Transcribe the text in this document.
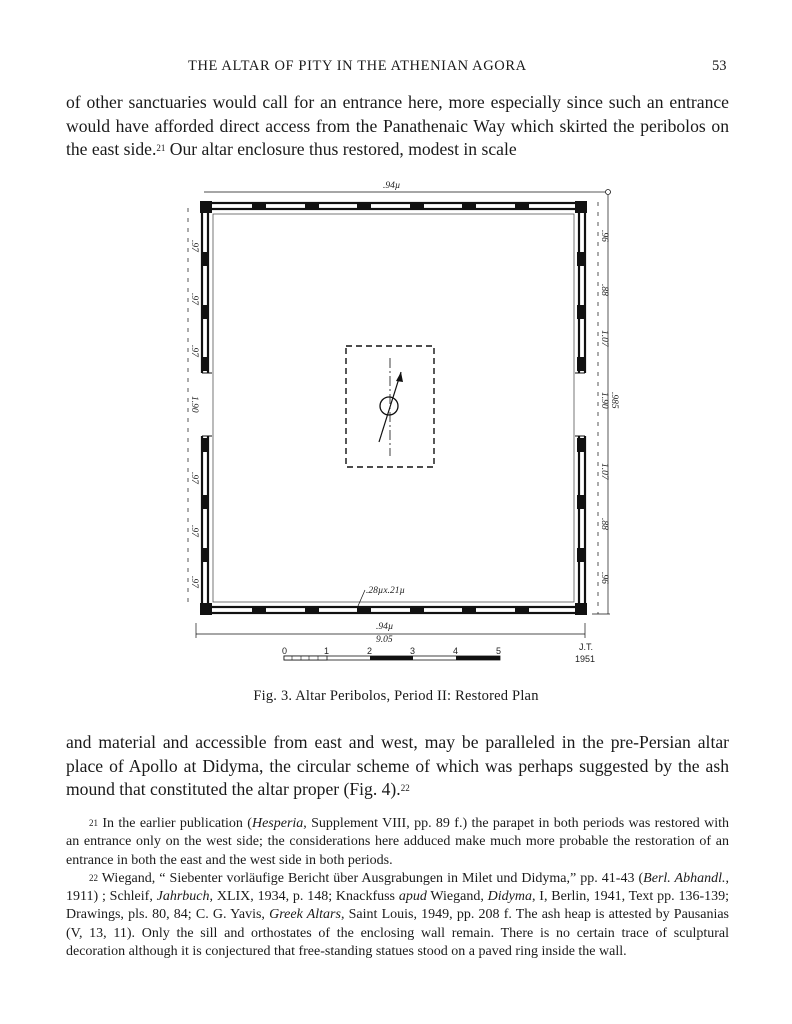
THE ALTAR OF PITY IN THE ATHENIAN AGORA	53

of other sanctuaries would call for an entrance here, more especially since such an entrance would have afforded direct access from the Panathenaic Way which skirted the peribolos on the east side.$^{21}$ Our altar enclosure thus restored, modest in scale

.94µ
.97
.97
.97
1.90
.97
.97
.97
.96
.88
1.07
1.90 .985
1.07
.88
.96
.28µx.21µ
.94µ
9.05
0	1	2	3	4	5	J.T.
1951
Fig. 3. Altar Peribolos, Period II: Restored Plan

and material and accessible from east and west, may be paralleled in the pre-Persian altar place of Apollo at Didyma, the circular scheme of which was perhaps suggested by the ash mound that constituted the altar proper (Fig. 4).$^{22}$

$^{21}$ In the earlier publication (Hesperia, Supplement VIII, pp. 89 f.) the parapet in both periods was restored with an entrance only on the west side; the considerations here adduced make much more probable the restoration of an entrance in both the east and the west side in both periods.

$^{22}$ Wiegand, “ Siebenter vorläufige Bericht über Ausgrabungen in Milet und Didyma,” pp. 41-43 (Berl. Abhandl., 1911) ; Schleif, Jahrbuch, XLIX, 1934, p. 148; Knackfuss apud Wiegand, Didyma, I, Berlin, 1941, Text pp. 136-139; Drawings, pls. 80, 84; C. G. Yavis, Greek Altars, Saint Louis, 1949, pp. 208 f. The ash heap is attested by Pausanias (V, 13, 11). Only the sill and orthostates of the enclosing wall remain. There is no certain trace of sculptural decoration although it is conjectured that free-standing statues stood on a paved ring inside the wall.
